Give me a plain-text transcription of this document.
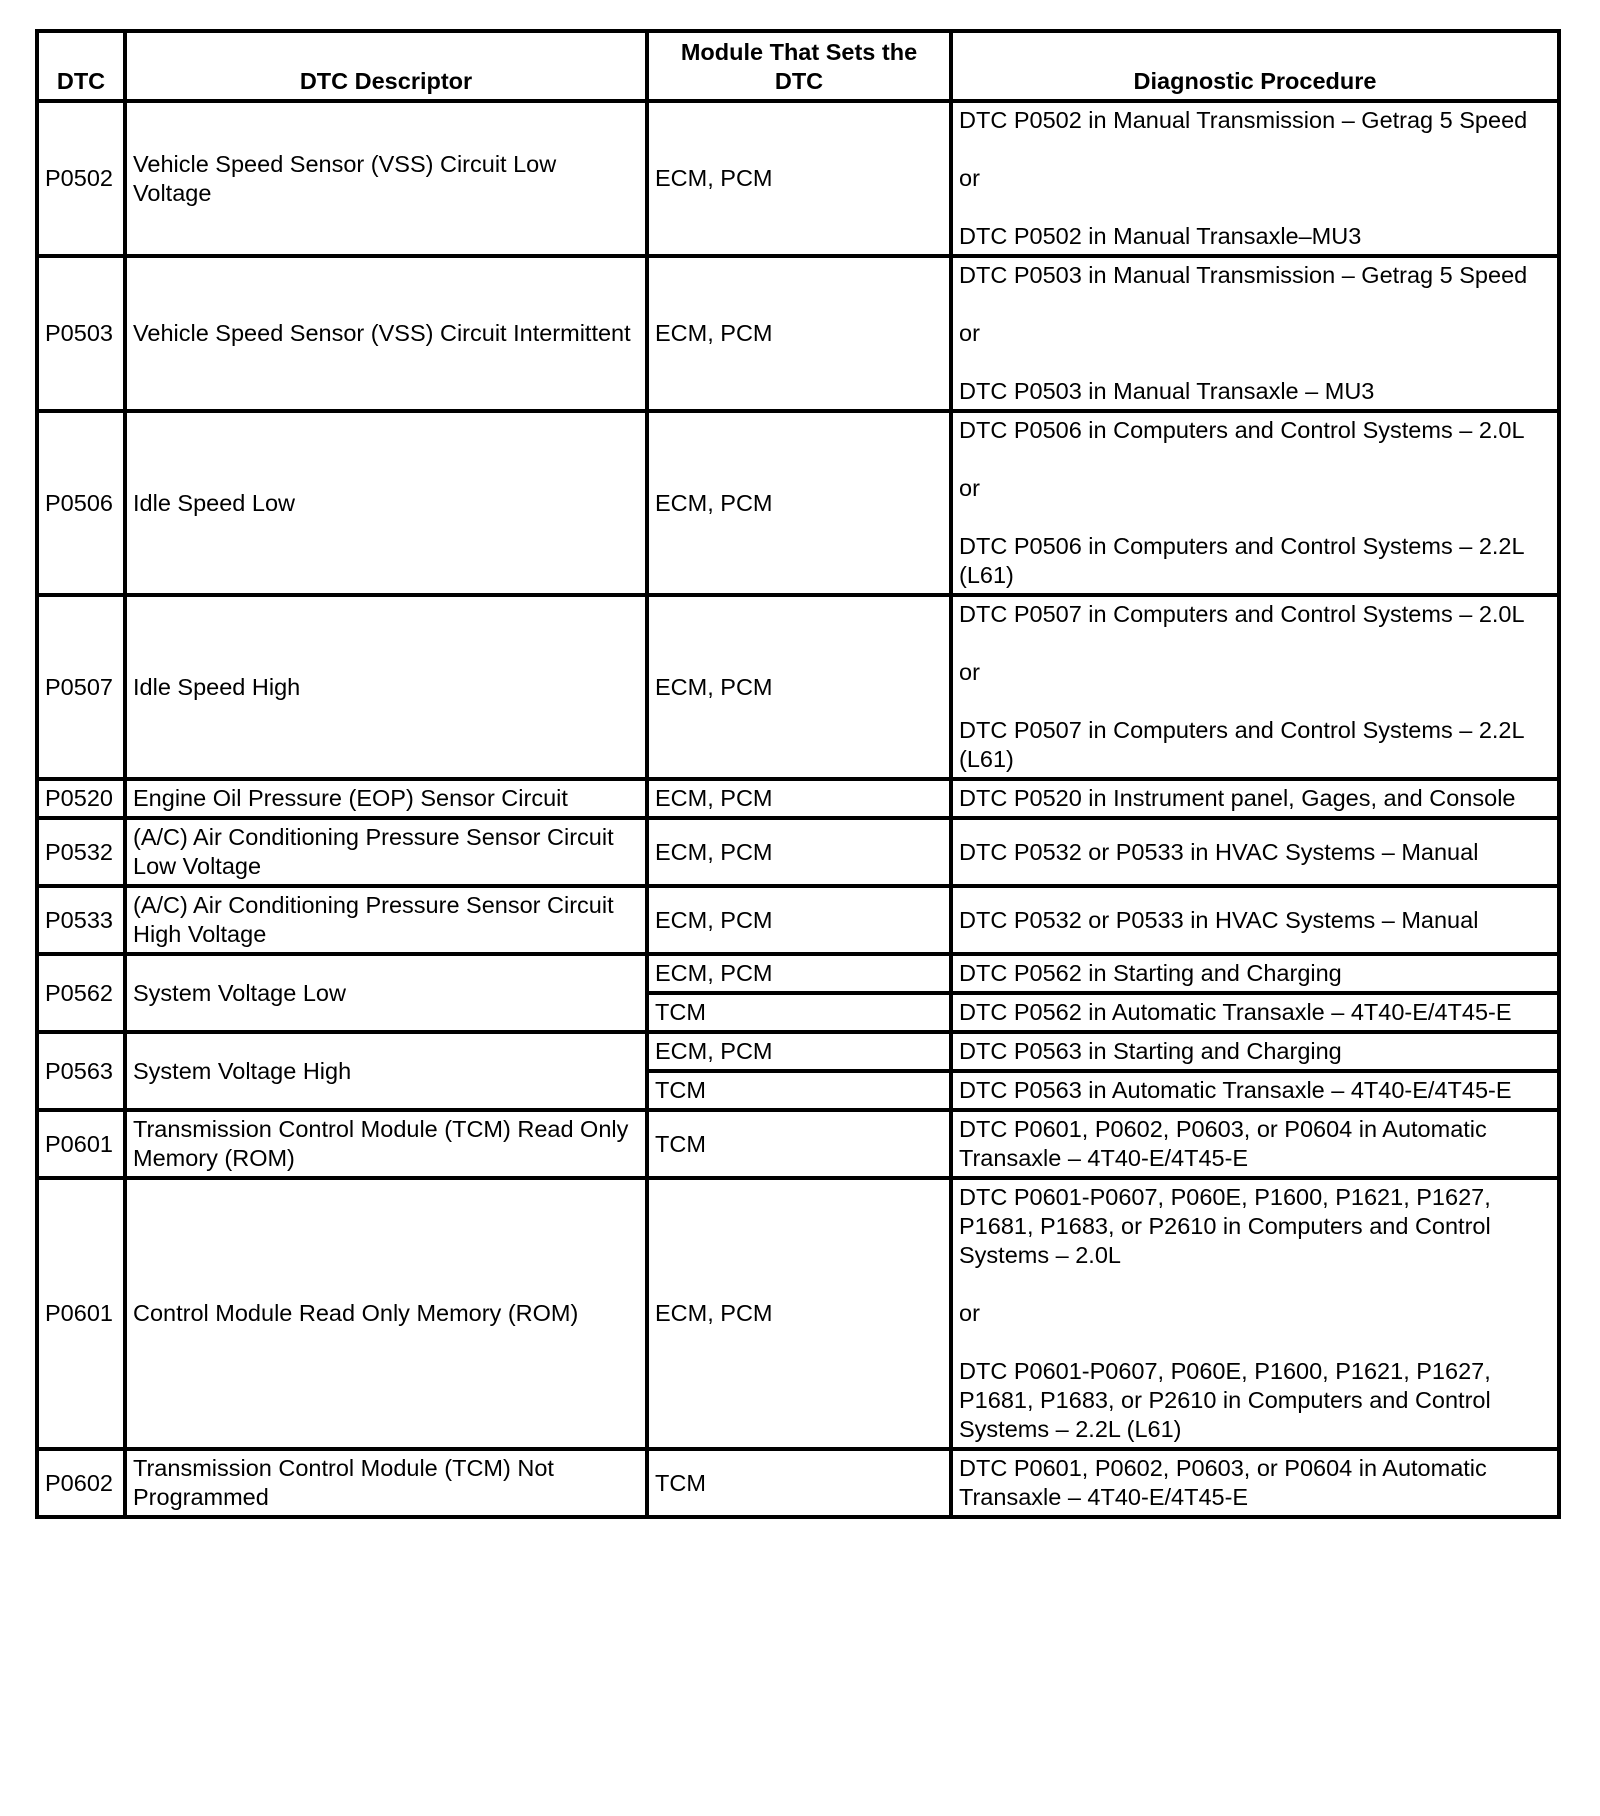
DTC	DTC Descriptor	Module That Sets the DTC	Diagnostic Procedure
P0502	Vehicle Speed Sensor (VSS) Circuit Low Voltage	ECM, PCM	DTC P0502 in Manual Transmission – Getrag 5 Speed
or
DTC P0502 in Manual Transaxle–MU3

P0503	Vehicle Speed Sensor (VSS) Circuit Intermittent	ECM, PCM	DTC P0503 in Manual Transmission – Getrag 5 Speed
or
DTC P0503 in Manual Transaxle – MU3

P0506	Idle Speed Low	ECM, PCM	DTC P0506 in Computers and Control Systems – 2.0L
or
DTC P0506 in Computers and Control Systems – 2.2L (L61)

P0507	Idle Speed High	ECM, PCM	DTC P0507 in Computers and Control Systems – 2.0L
or
DTC P0507 in Computers and Control Systems – 2.2L (L61)

P0520	Engine Oil Pressure (EOP) Sensor Circuit	ECM, PCM	DTC P0520 in Instrument panel, Gages, and Console
P0532	(A/C) Air Conditioning Pressure Sensor Circuit Low Voltage	ECM, PCM	DTC P0532 or P0533 in HVAC Systems – Manual
P0533	(A/C) Air Conditioning Pressure Sensor Circuit High Voltage	ECM, PCM	DTC P0532 or P0533 in HVAC Systems – Manual
P0562	System Voltage Low	ECM, PCM	DTC P0562 in Starting and Charging
		TCM	DTC P0562 in Automatic Transaxle – 4T40-E/4T45-E
P0563	System Voltage High	ECM, PCM	DTC P0563 in Starting and Charging
		TCM	DTC P0563 in Automatic Transaxle – 4T40-E/4T45-E
P0601	Transmission Control Module (TCM) Read Only Memory (ROM)	TCM	DTC P0601, P0602, P0603, or P0604 in Automatic Transaxle – 4T40-E/4T45-E
P0601	Control Module Read Only Memory (ROM)	ECM, PCM	DTC P0601-P0607, P060E, P1600, P1621, P1627, P1681, P1683, or P2610 in Computers and Control Systems – 2.0L
or
DTC P0601-P0607, P060E, P1600, P1621, P1627, P1681, P1683, or P2610 in Computers and Control Systems – 2.2L (L61)

P0602	Transmission Control Module (TCM) Not Programmed	TCM	DTC P0601, P0602, P0603, or P0604 in Automatic Transaxle – 4T40-E/4T45-E
